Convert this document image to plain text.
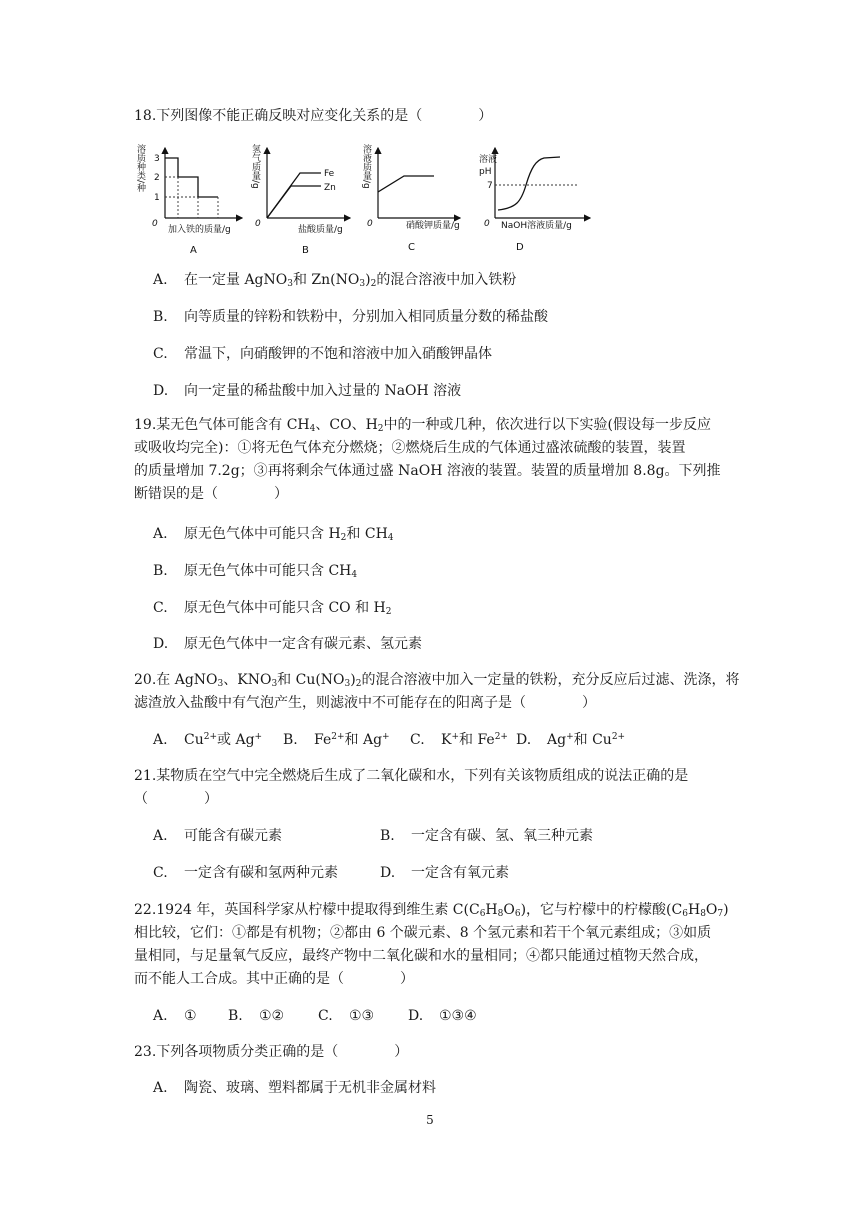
18.下列图像不能正确反映对应变化关系的是（　　　　）
溶质种类/种 3
2
1
0
加入铁的质量/g
A
氢气质量/g	Fe
Zn
0
盐酸质量/g
B
溶液质量/g
0	硝酸钾质量/g
C
溶液
pH
7
0 NaOH溶液质量/g
D
A. 在一定量 AgNO$_3$和 $Zn(NO_3)_2$的混合溶液中加入铁粉
B. 向等质量的锌粉和铁粉中，分别加入相同质量分数的稀盐酸
C. 常温下，向硝酸钾的不饱和溶液中加入硝酸钾晶体
D. 向一定量的稀盐酸中加入过量的 NaOH 溶液
19.某无色气体可能含有 $CH_4$、CO、$H_2$中的一种或几种，依次进行以下实验(假设每一步反应
或吸收均完全)：①将无色气体充分燃烧；②燃烧后生成的气体通过盛浓硫酸的装置，装置
的质量增加 7.2g；③再将剩余气体通过盛 NaOH 溶液的装置。装置的质量增加 8.8g。下列推
断错误的是（　　　　）
A. 原无色气体中可能只含 $H_2$和 $CH_4$
B. 原无色气体中可能只含 $CH_4$
C. 原无色气体中可能只含 CO 和 $H_2$
D. 原无色气体中一定含有碳元素、氢元素
20.在 AgNO$_3$、$KNO_3$和 $Cu(NO_3)_2$的混合溶液中加入一定量的铁粉，充分反应后过滤、洗涤，将
滤渣放入盐酸中有气泡产生，则滤液中不可能存在的阳离子是（　　　　）
A. $Cu^{2+}$或 Ag+ B. $Fe^{2+}$和 Ag+ C. K+和 $Fe^{2+}$ D. Ag+和 $Cu^{2+}$
21.某物质在空气中完全燃烧后生成了二氧化碳和水，下列有关该物质组成的说法正确的是
（　　　　）
A. 可能含有碳元素	B. 一定含有碳、氢、氧三种元素
C. 一定含有碳和氢两种元素	D. 一定含有氧元素
22.1924 年，英国科学家从柠檬中提取得到维生素 $C(C_6H_8O_6)$，它与柠檬中的柠檬酸$(C_6H_8O_7)$
相比较，它们：①都是有机物；②都由 6 个碳元素、8 个氢元素和若干个氧元素组成；③如质
量相同，与足量氧气反应，最终产物中二氧化碳和水的量相同；④都只能通过植物天然合成，
而不能人工合成。其中正确的是（　　　　）
A. ① B. ①② C. ①③ D. ①③④
23.下列各项物质分类正确的是（　　　　）
A. 陶瓷、玻璃、塑料都属于无机非金属材料
5
